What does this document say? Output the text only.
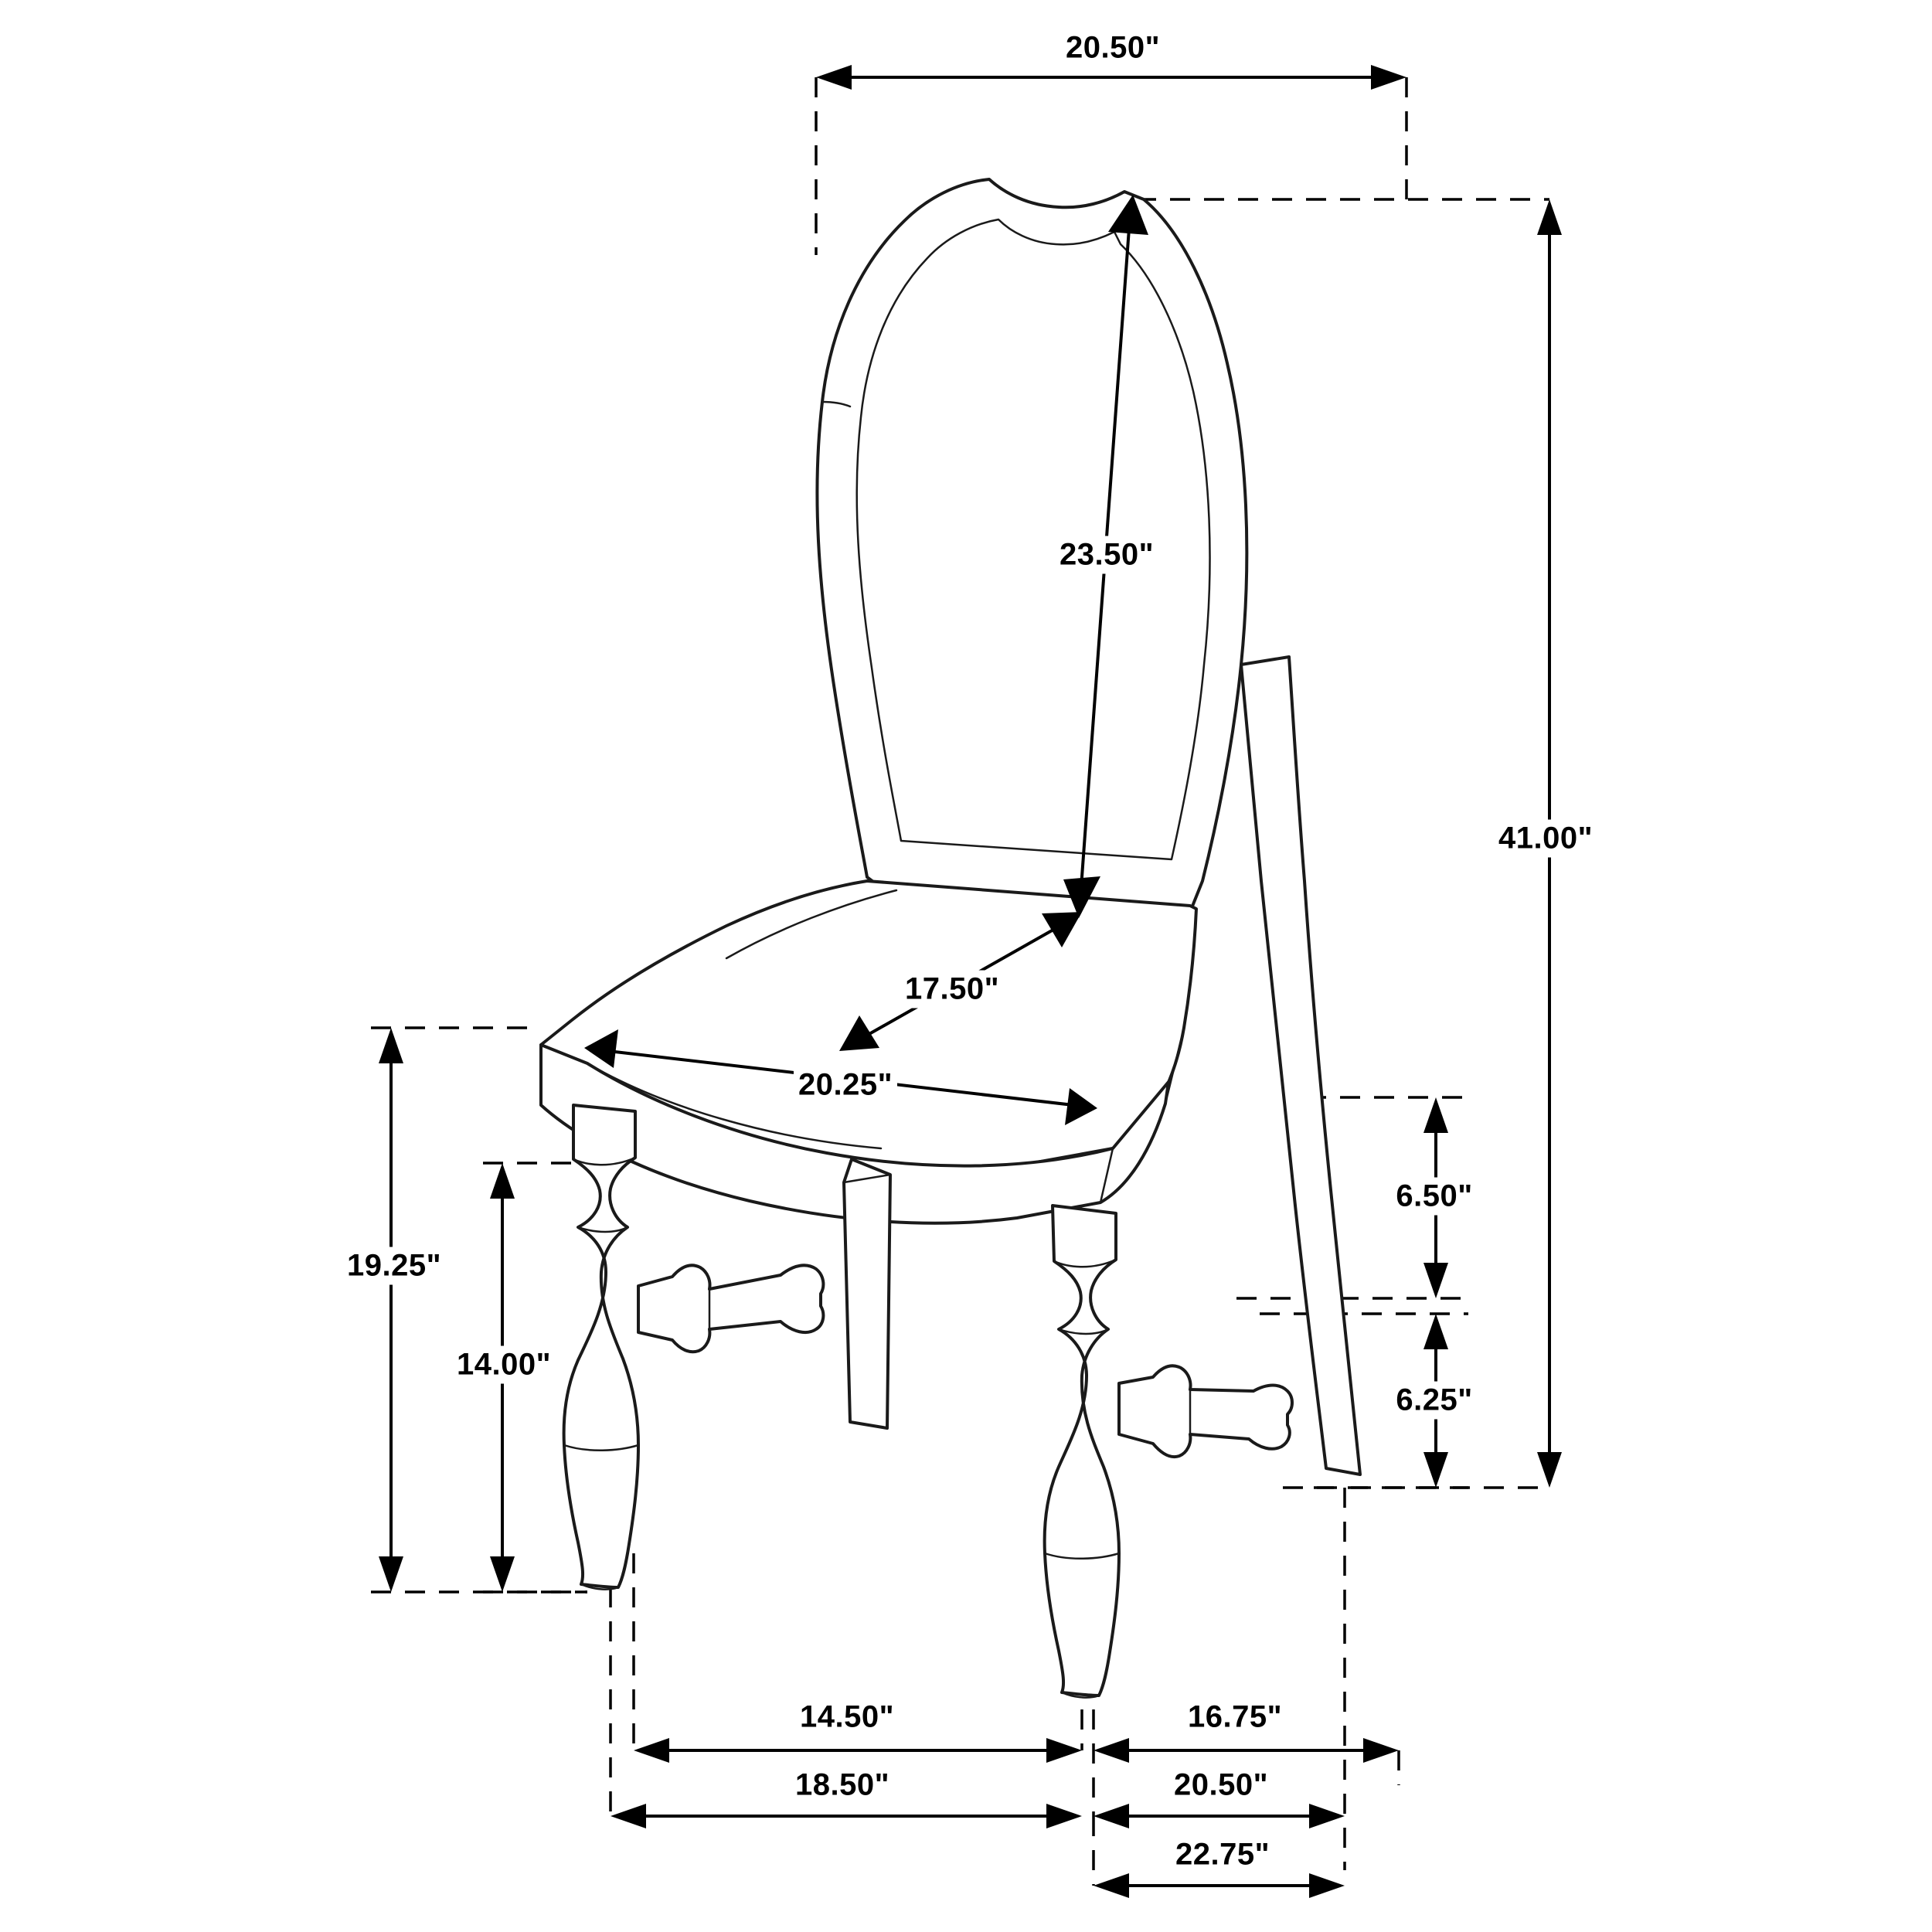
20.50"
41.00"
23.50"
17.50"
20.25"
19.25"
14.00"
6.50"
6.25"
14.50"	16.75"
18.50"	20.50"
22.75"
